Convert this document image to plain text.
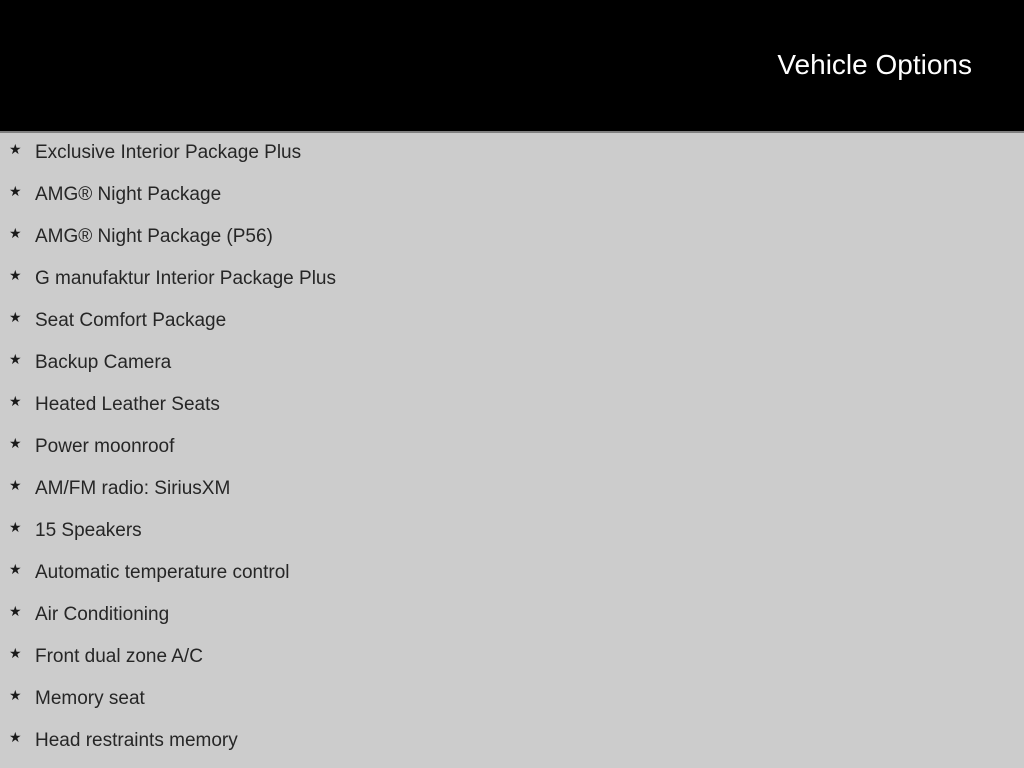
Vehicle Options
★ Exclusive Interior Package Plus
★ AMG® Night Package
★ AMG® Night Package (P56)
★ G manufaktur Interior Package Plus
★ Seat Comfort Package
★ Backup Camera
★ Heated Leather Seats
★ Power moonroof
★ AM/FM radio: SiriusXM
★ 15 Speakers
★ Automatic temperature control
★ Air Conditioning
★ Front dual zone A/C
★ Memory seat
★ Head restraints memory
